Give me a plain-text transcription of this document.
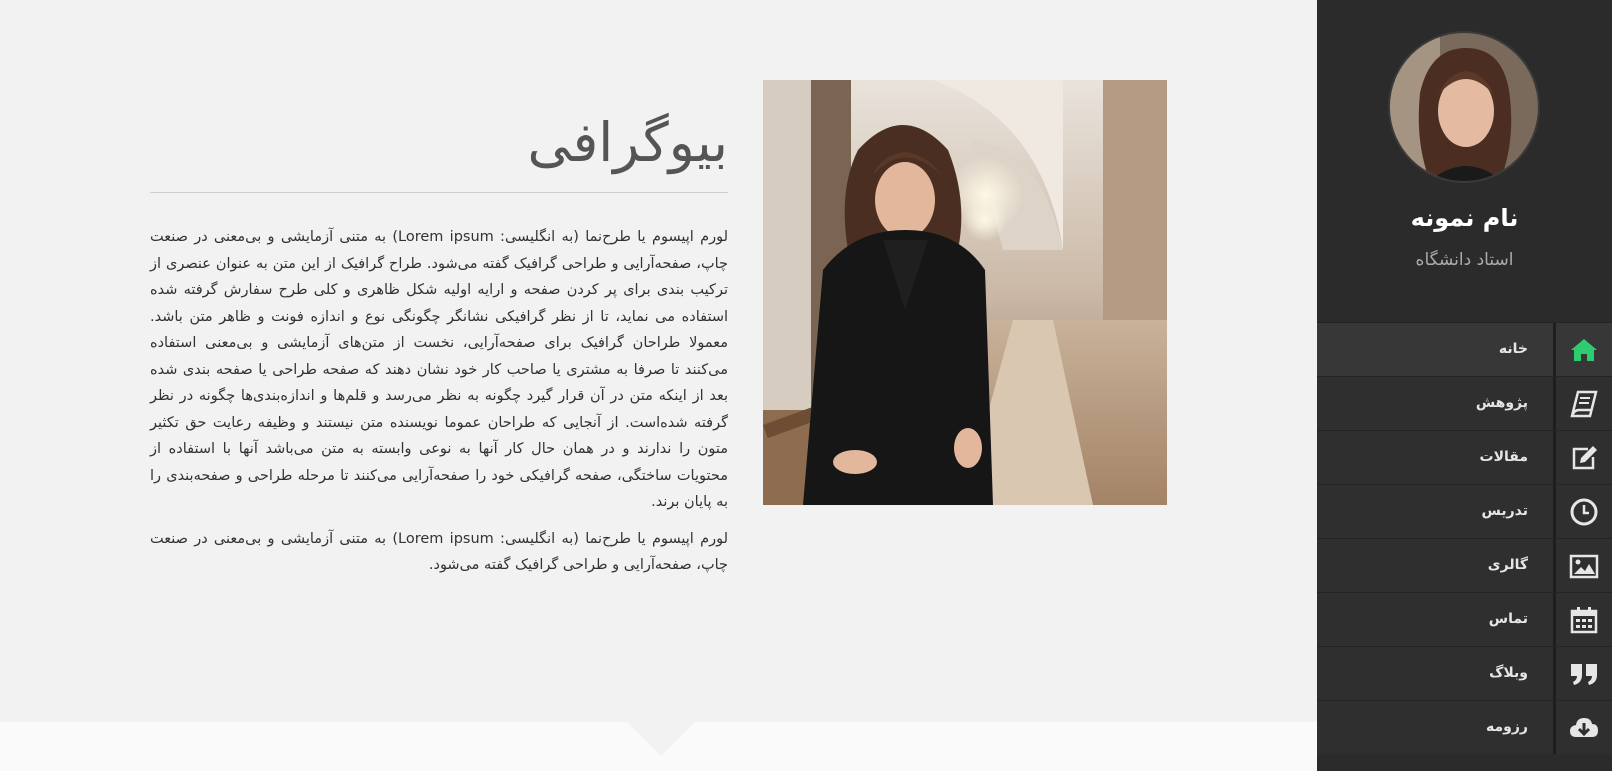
بیوگرافی

لورم اپیسوم یا طرح‌نما (به انگلیسی: Lorem ipsum) به متنی آزمایشی و بی‌معنی در صنعت چاپ، صفحه‌آرایی و طراحی گرافیک گفته می‌شود. طراح گرافیک از این متن به عنوان عنصری از ترکیب بندی برای پر کردن صفحه و ارایه اولیه شکل ظاهری و کلی طرح سفارش گرفته شده استفاده می نماید، تا از نظر گرافیکی نشانگر چگونگی نوع و اندازه فونت و ظاهر متن باشد. معمولا طراحان گرافیک برای صفحه‌آرایی، نخست از متن‌های آزمایشی و بی‌معنی استفاده می‌کنند تا صرفا به مشتری یا صاحب کار خود نشان دهند که صفحه طراحی یا صفحه بندی شده بعد از اینکه متن در آن قرار گیرد چگونه به نظر می‌رسد و قلم‌ها و اندازه‌بندی‌ها چگونه در نظر گرفته شده‌است. از آنجایی که طراحان عموما نویسنده متن نیستند و وظیفه رعایت حق تکثیر متون را ندارند و در همان حال کار آنها به نوعی وابسته به متن می‌باشد آنها با استفاده از محتویات ساختگی، صفحه گرافیکی خود را صفحه‌آرایی می‌کنند تا مرحله طراحی و صفحه‌بندی را به پایان برند.

لورم اپیسوم یا طرح‌نما (به انگلیسی: Lorem ipsum) به متنی آزمایشی و بی‌معنی در صنعت چاپ، صفحه‌آرایی و طراحی گرافیک گفته می‌شود.

نام نمونه
استاد دانشگاه
خانه
پژوهش
مقالات
تدریس
گالری
تماس
وبلاگ
رزومه
